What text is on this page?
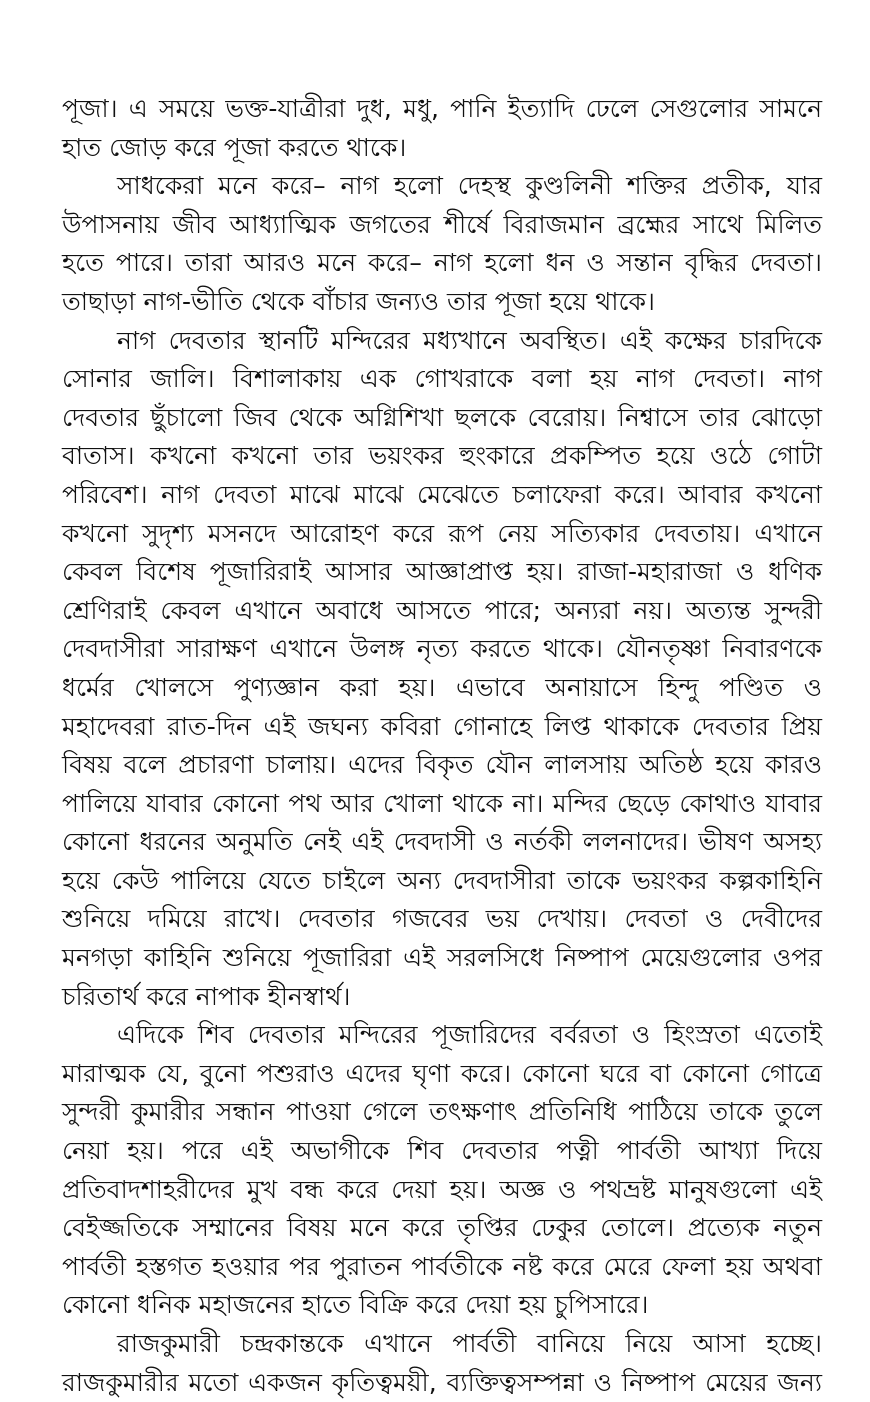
পূজা। এ সময়ে ভক্ত-যাত্রীরা দুধ, মধু, পানি ইত্যাদি ঢেলে সেগুলোর সামনে
হাত জোড় করে পূজা করতে থাকে।

সাধকেরা মনে করে– নাগ হলো দেহস্থ কুণ্ডলিনী শক্তির প্রতীক, যার
উপাসনায় জীব আধ্যাত্মিক জগতের শীর্ষে বিরাজমান ব্রহ্মের সাথে মিলিত
হতে পারে। তারা আরও মনে করে– নাগ হলো ধন ও সন্তান বৃদ্ধির দেবতা।
তাছাড়া নাগ-ভীতি থেকে বাঁচার জন্যও তার পূজা হয়ে থাকে।

নাগ দেবতার স্থানটি মন্দিরের মধ্যখানে অবস্থিত। এই কক্ষের চারদিকে
সোনার জালি। বিশালাকায় এক গোখরাকে বলা হয় নাগ দেবতা। নাগ
দেবতার ছুঁচালো জিব থেকে অগ্নিশিখা ছলকে বেরোয়। নিশ্বাসে তার ঝোড়ো
বাতাস। কখনো কখনো তার ভয়ংকর হুংকারে প্রকম্পিত হয়ে ওঠে গোটা
পরিবেশ। নাগ দেবতা মাঝে মাঝে মেঝেতে চলাফেরা করে। আবার কখনো
কখনো সুদৃশ্য মসনদে আরোহণ করে রূপ নেয় সত্যিকার দেবতায়। এখানে
কেবল বিশেষ পূজারিরাই আসার আজ্ঞাপ্রাপ্ত হয়। রাজা-মহারাজা ও ধণিক
শ্রেণিরাই কেবল এখানে অবাধে আসতে পারে; অন্যরা নয়। অত্যন্ত সুন্দরী
দেবদাসীরা সারাক্ষণ এখানে উলঙ্গ নৃত্য করতে থাকে। যৌনতৃষ্ণা নিবারণকে
ধর্মের খোলসে পুণ্যজ্ঞান করা হয়। এভাবে অনায়াসে হিন্দু পণ্ডিত ও
মহাদেবরা রাত-দিন এই জঘন্য কবিরা গোনাহে লিপ্ত থাকাকে দেবতার প্রিয়
বিষয় বলে প্রচারণা চালায়। এদের বিকৃত যৌন লালসায় অতিষ্ঠ হয়ে কারও
পালিয়ে যাবার কোনো পথ আর খোলা থাকে না। মন্দির ছেড়ে কোথাও যাবার
কোনো ধরনের অনুমতি নেই এই দেবদাসী ও নর্তকী ললনাদের। ভীষণ অসহ্য
হয়ে কেউ পালিয়ে যেতে চাইলে অন্য দেবদাসীরা তাকে ভয়ংকর কল্পকাহিনি
শুনিয়ে দমিয়ে রাখে। দেবতার গজবের ভয় দেখায়। দেবতা ও দেবীদের
মনগড়া কাহিনি শুনিয়ে পূজারিরা এই সরলসিধে নিষ্পাপ মেয়েগুলোর ওপর
চরিতার্থ করে নাপাক হীনস্বার্থ।

এদিকে শিব দেবতার মন্দিরের পূজারিদের বর্বরতা ও হিংস্রতা এতোই
মারাত্মক যে, বুনো পশুরাও এদের ঘৃণা করে। কোনো ঘরে বা কোনো গোত্রে
সুন্দরী কুমারীর সন্ধান পাওয়া গেলে তৎক্ষণাৎ প্রতিনিধি পাঠিয়ে তাকে তুলে
নেয়া হয়। পরে এই অভাগীকে শিব দেবতার পত্নী পার্বতী আখ্যা দিয়ে
প্রতিবাদশাহরীদের মুখ বন্ধ করে দেয়া হয়। অজ্ঞ ও পথভ্রষ্ট মানুষগুলো এই
বেইজ্জতিকে সম্মানের বিষয় মনে করে তৃপ্তির ঢেকুর তোলে। প্রত্যেক নতুন
পার্বতী হস্তগত হওয়ার পর পুরাতন পার্বতীকে নষ্ট করে মেরে ফেলা হয় অথবা
কোনো ধনিক মহাজনের হাতে বিক্রি করে দেয়া হয় চুপিসারে।

রাজকুমারী চন্দ্রকান্তকে এখানে পার্বতী বানিয়ে নিয়ে আসা হচ্ছে।
রাজকুমারীর মতো একজন কৃতিত্বময়ী, ব্যক্তিত্বসম্পন্না ও নিষ্পাপ মেয়ের জন্য
